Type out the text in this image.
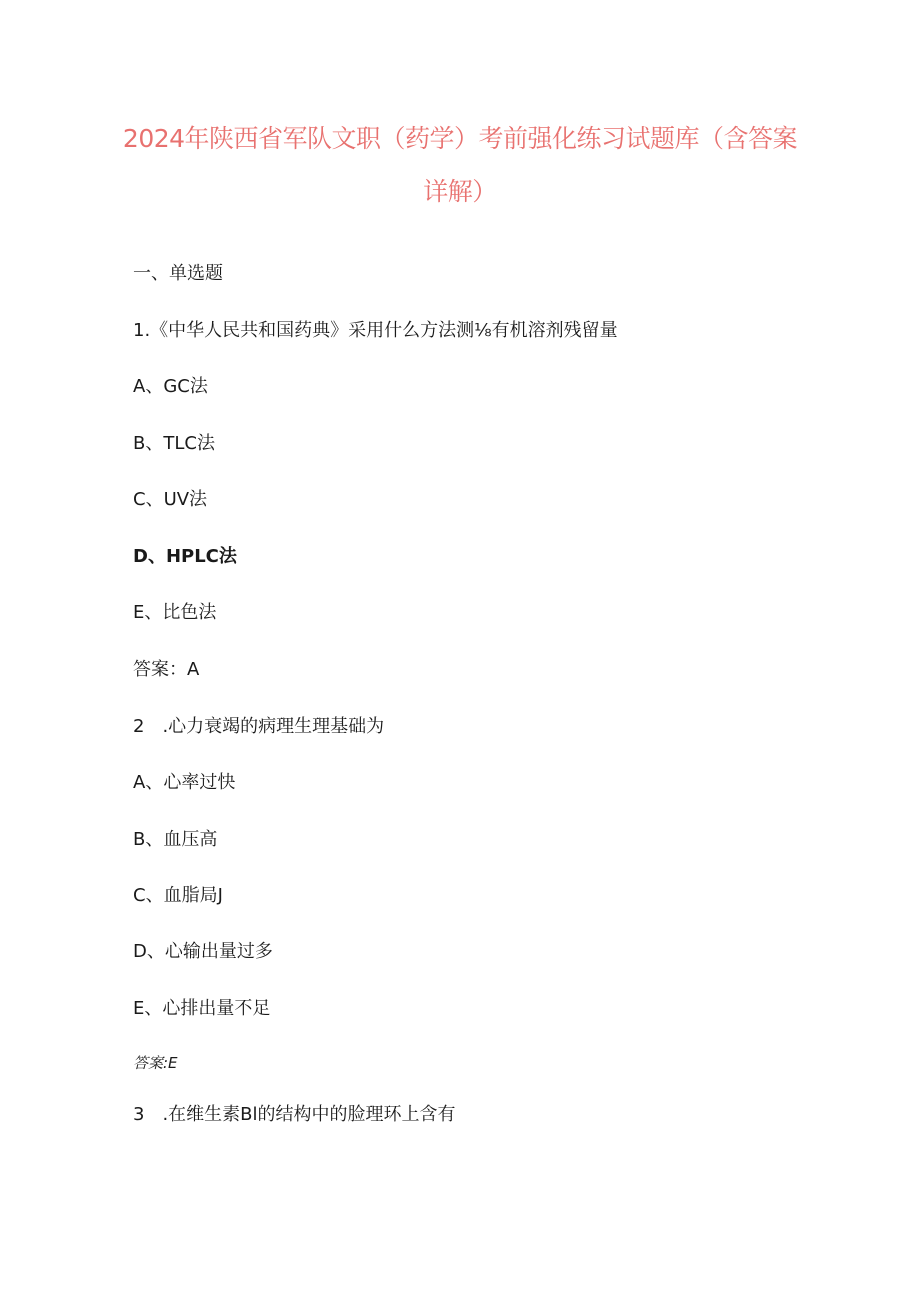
2024年陕西省军队文职（药学）考前强化练习试题库（含答案详解）
一、单选题
1.《中华人民共和国药典》采用什么方法测⅛有机溶剂残留量
A、GC法
B、TLC法
C、UV法
D、HPLC法
E、比色法
答案：A
2　.心力衰竭的病理生理基础为
A、心率过快
B、血压高
C、血脂局J
D、心输出量过多
E、心排出量不足
答案:E
3　.在维生素Bl的结构中的脸理环上含有
